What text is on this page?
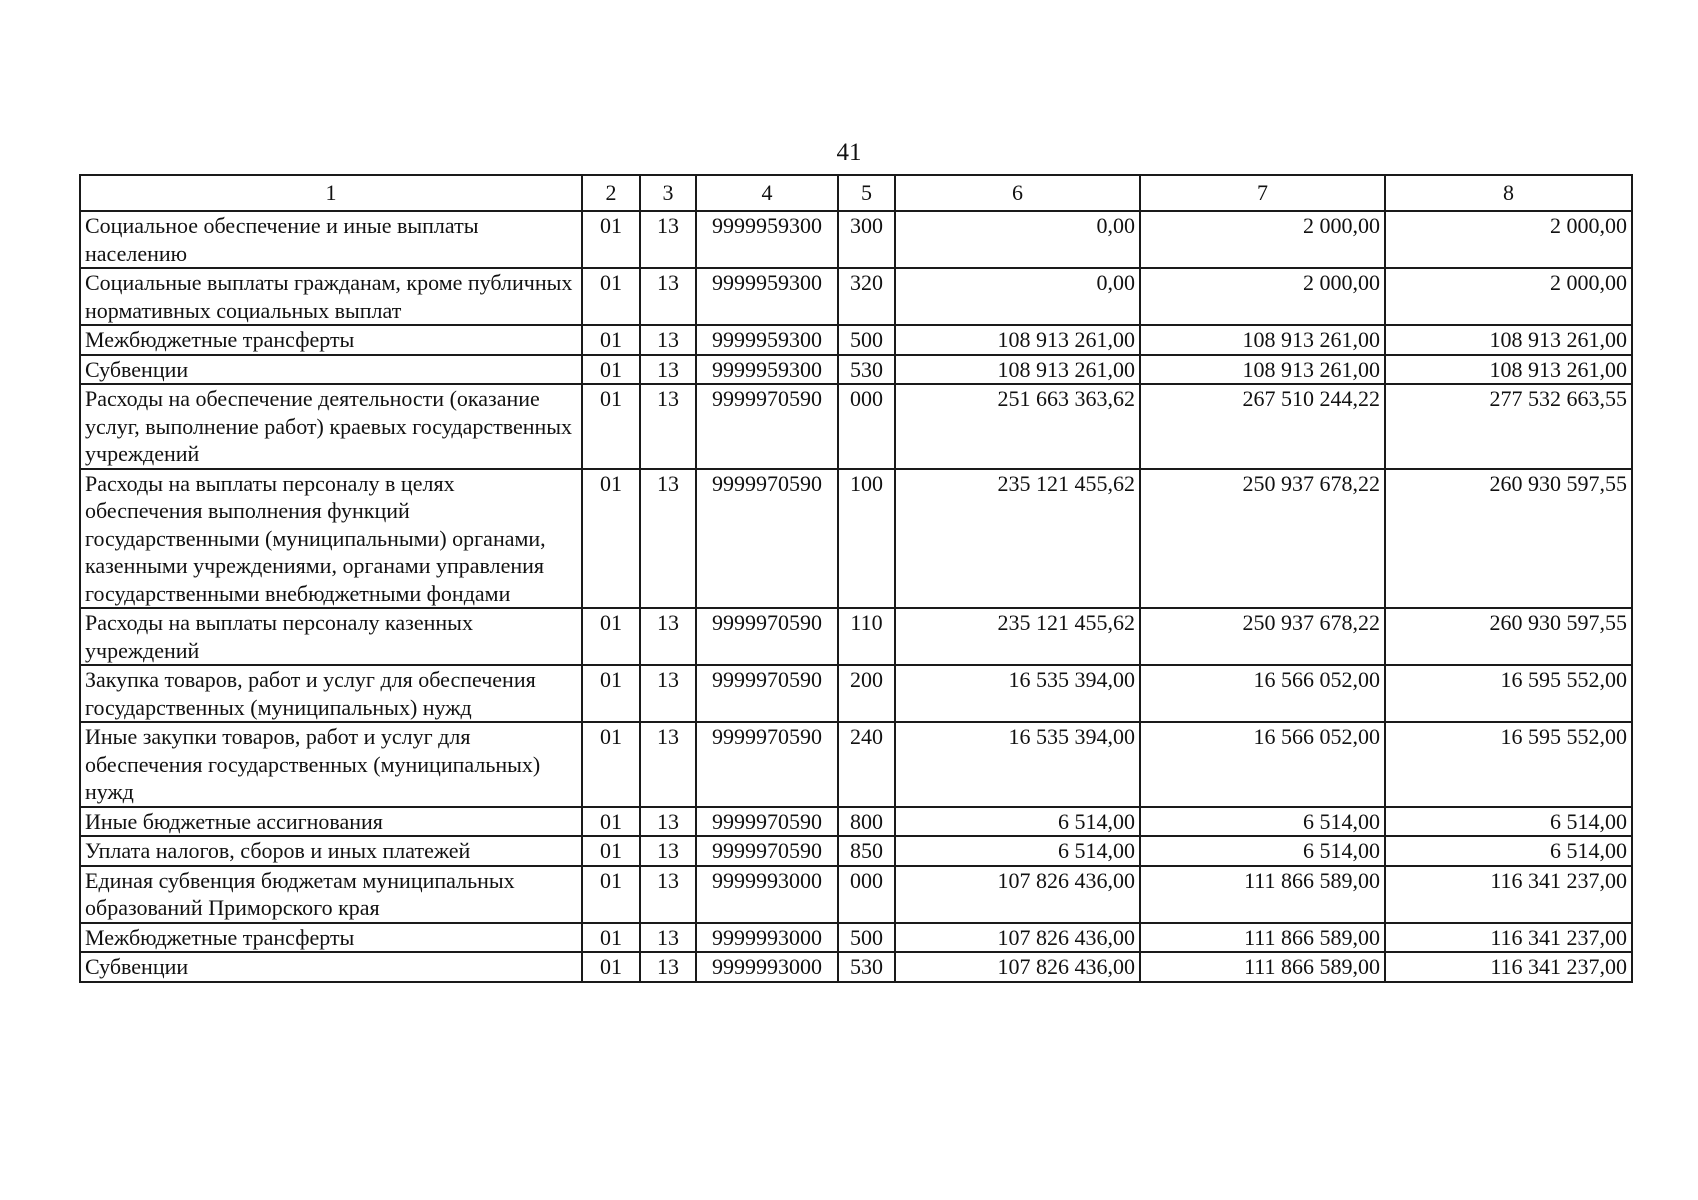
41
1	2	3	4	5	6	7	8
Социальное обеспечение и иные выплаты населению	01	13	9999959300	300	0,00	2 000,00	2 000,00
Социальные выплаты гражданам, кроме публичных нормативных социальных выплат	01	13	9999959300	320	0,00	2 000,00	2 000,00
Межбюджетные трансферты	01	13	9999959300	500	108 913 261,00	108 913 261,00	108 913 261,00
Субвенции	01	13	9999959300	530	108 913 261,00	108 913 261,00	108 913 261,00
Расходы на обеспечение деятельности (оказание услуг, выполнение работ) краевых государственных учреждений	01	13	9999970590	000	251 663 363,62	267 510 244,22	277 532 663,55
Расходы на выплаты персоналу в целях обеспечения выполнения функций государственными (муниципальными) органами, казенными учреждениями, органами управления государственными внебюджетными фондами	01	13	9999970590	100	235 121 455,62	250 937 678,22	260 930 597,55
Расходы на выплаты персоналу казенных учреждений	01	13	9999970590	110	235 121 455,62	250 937 678,22	260 930 597,55
Закупка товаров, работ и услуг для обеспечения государственных (муниципальных) нужд	01	13	9999970590	200	16 535 394,00	16 566 052,00	16 595 552,00
Иные закупки товаров, работ и услуг для обеспечения государственных (муниципальных) нужд	01	13	9999970590	240	16 535 394,00	16 566 052,00	16 595 552,00
Иные бюджетные ассигнования	01	13	9999970590	800	6 514,00	6 514,00	6 514,00
Уплата налогов, сборов и иных платежей	01	13	9999970590	850	6 514,00	6 514,00	6 514,00
Единая субвенция бюджетам муниципальных образований Приморского края	01	13	9999993000	000	107 826 436,00	111 866 589,00	116 341 237,00
Межбюджетные трансферты	01	13	9999993000	500	107 826 436,00	111 866 589,00	116 341 237,00
Субвенции	01	13	9999993000	530	107 826 436,00	111 866 589,00	116 341 237,00
